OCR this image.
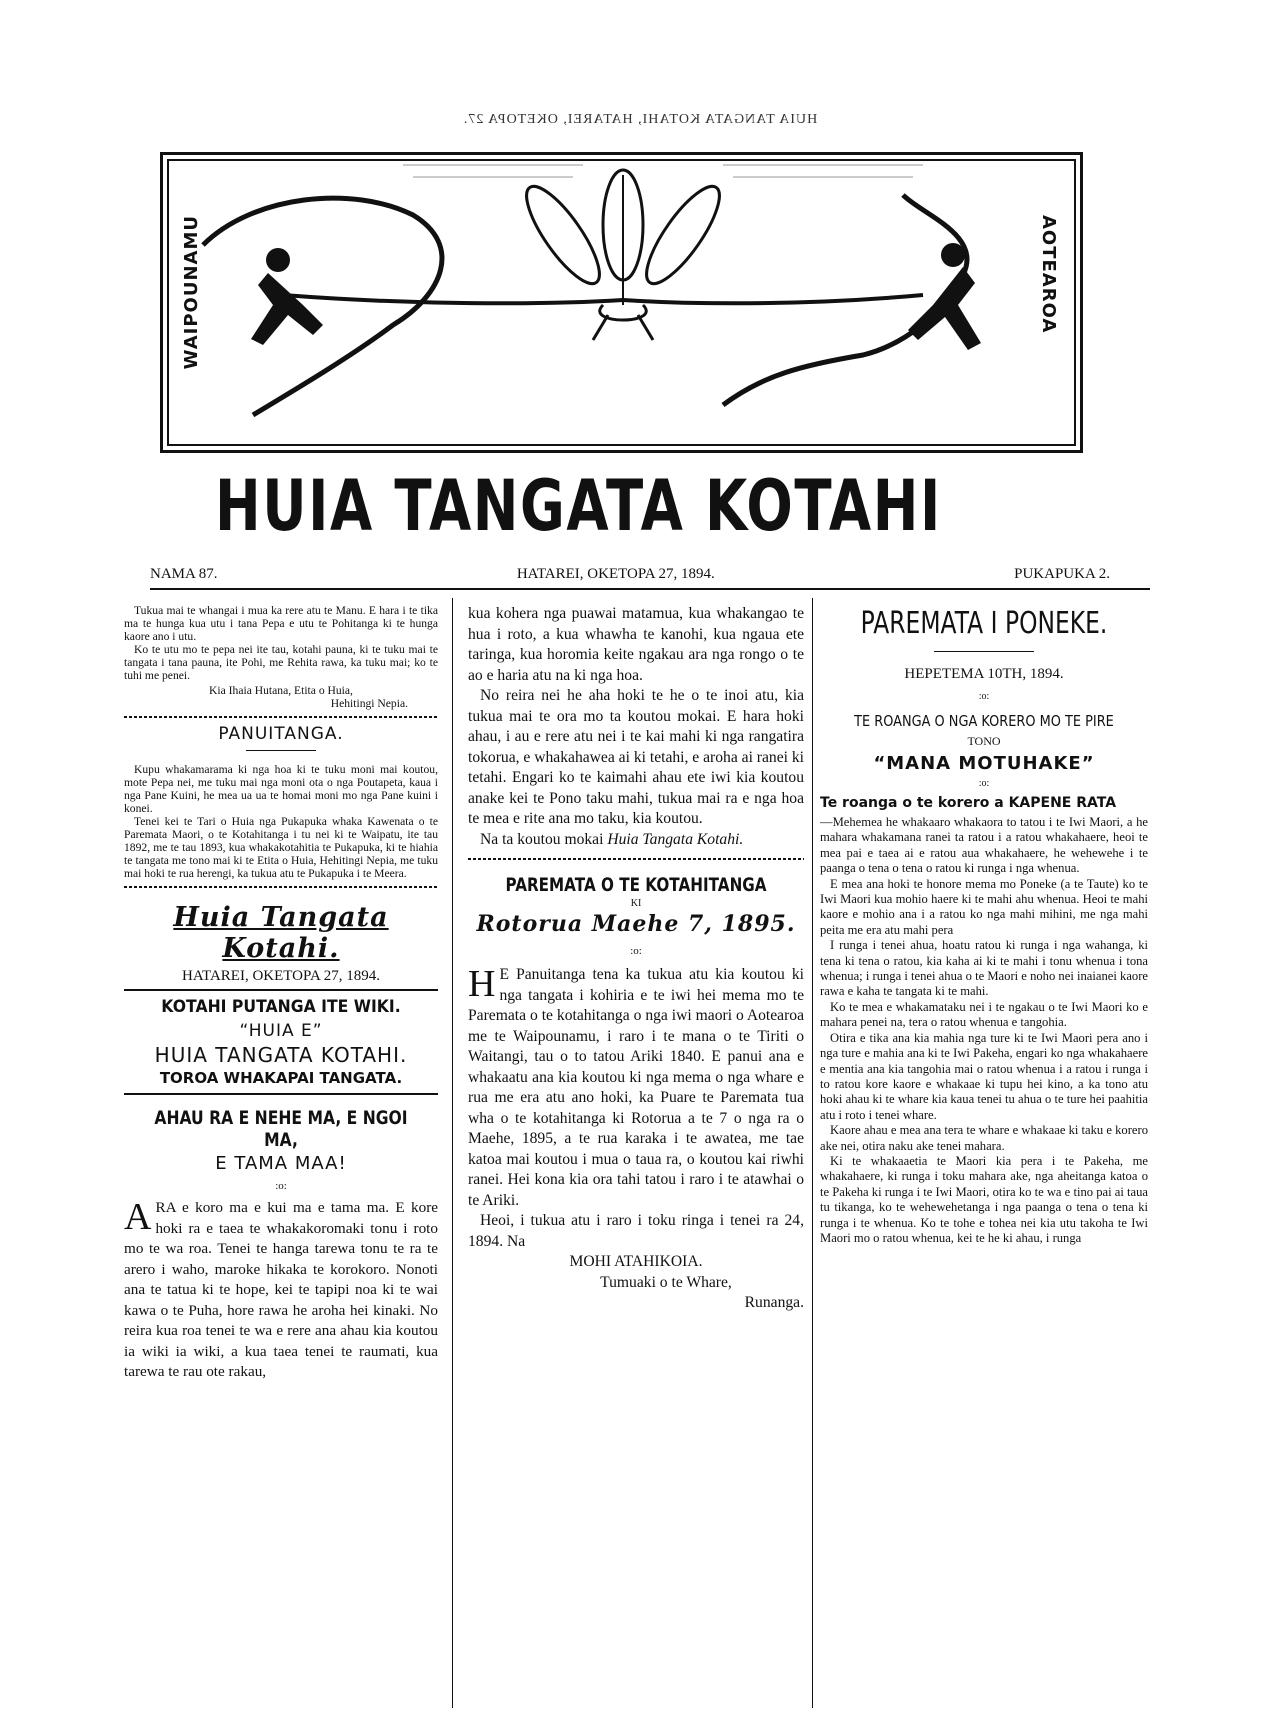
HUIA TANGATA KOTAHI, HATAREI, OKETOPA 27.
WAIPOUNAMU	AOTEAROA
HUIA TANGATA KOTAHI
NAMA 87.	HATAREI, OKETOPA 27, 1894.	PUKAPUKA 2.

Tukua mai te whangai i mua ka rere atu te Manu. E hara i te tika ma te hunga kua utu i tana Pepa e utu te Pohitanga ki te hunga kaore ano i utu.

Ko te utu mo te pepa nei ite tau, kotahi pauna, ki te tuku mai te tangata i tana pauna, ite Pohi, me Rehita rawa, ka tuku mai; ko te tuhi me penei.

Kia Ihaia Hutana, Etita o Huia,
Hehitingi Nepia.
PANUITANGA.

Kupu whakamarama ki nga hoa ki te tuku moni mai koutou, mote Pepa nei, me tuku mai nga moni ota o nga Poutapeta, kaua i nga Pane Kuini, he mea ua ua te homai moni mo nga Pane kuini i konei.

Tenei kei te Tari o Huia nga Pukapuka whaka Kawenata o te Paremata Maori, o te Kotahitanga i tu nei ki te Waipatu, ite tau 1892, me te tau 1893, kua whakakotahitia te Pukapuka, ki te hiahia te tangata me tono mai ki te Etita o Huia, Hehitingi Nepia, me tuku mai hoki te rua herengi, ka tukua atu te Pukapuka i te Meera.

Huia Tangata Kotahi.
HATAREI, OKETOPA 27, 1894.
KOTAHI PUTANGA ITE WIKI.
“HUIA E”
HUIA TANGATA KOTAHI.
TOROA WHAKAPAI TANGATA.
AHAU RA E NEHE MA, E NGOI MA,
E TAMA MAA!
:o:
A RA e koro ma e kui ma e tama ma. E kore hoki ra e taea te whakakoromaki tonu i roto mo te wa roa. Tenei te hanga tarewa tonu te ra te arero i waho, maroke hikaka te korokoro. Nonoti ana te tatua ki te hope, kei te tapipi noa ki te wai kawa o te Puha, hore rawa he aroha hei kinaki. No reira kua roa tenei te wa e rere ana ahau kia koutou ia wiki ia wiki, a kua taea tenei te raumati, kua tarewa te rau ote rakau,
kua kohera nga puawai matamua, kua whakangao te hua i roto, a kua whawha te kanohi, kua ngaua ete taringa, kua horomia keite ngakau ara nga rongo o te ao e haria atu na ki nga hoa.

No reira nei he aha hoki te he o te inoi atu, kia tukua mai te ora mo ta koutou mokai. E hara hoki ahau, i au e rere atu nei i te kai mahi ki nga rangatira tokorua, e whakahawea ai ki tetahi, e aroha ai ranei ki tetahi. Engari ko te kaimahi ahau ete iwi kia koutou anake kei te Pono taku mahi, tukua mai ra e nga hoa te mea e rite ana mo taku, kia koutou.

Na ta koutou mokai Huia Tangata Kotahi.

PAREMATA O TE KOTAHITANGA
KI
Rotorua Maehe 7, 1895.
:o:
H E Panuitanga tena ka tukua atu kia koutou ki nga tangata i kohiria e te iwi hei mema mo te Paremata o te kotahitanga o nga iwi maori o Aotearoa me te Waipounamu, i raro i te mana o te Tiriti o Waitangi, tau o to tatou Ariki 1840. E panui ana e whakaatu ana kia koutou ki nga mema o nga whare e rua me era atu ano hoki, ka Puare te Paremata tua wha o te kotahitanga ki Rotorua a te 7 o nga ra o Maehe, 1895, a te rua karaka i te awatea, me tae katoa mai koutou i mua o taua ra, o koutou kai riwhi ranei. Hei kona kia ora tahi tatou i raro i te atawhai o te Ariki.

Heoi, i tukua atu i raro i toku ringa i tenei ra 24, 1894. Na

MOHI ATAHIKOIA.
Tumuaki o te Whare,
Runanga.
PAREMATA I PONEKE.
HEPETEMA 10TH, 1894.
:o:
TE ROANGA O NGA KORERO MO TE PIRE
TONO
“MANA MOTUHAKE”
:o:
Te roanga o te korero a KAPENE RATA
—Mehemea he whakaaro whakaora to tatou i te Iwi Maori, a he mahara whakamana ranei ta ratou i a ratou whakahaere, heoi te mea pai e taea ai e ratou aua whakahaere, he wehewehe i te paanga o tena o tena o ratou ki runga i nga whenua.

E mea ana hoki te honore mema mo Poneke (a te Taute) ko te Iwi Maori kua mohio haere ki te mahi ahu whenua. Heoi te mahi kaore e mohio ana i a ratou ko nga mahi mihini, me nga mahi peita me era atu mahi pera

I runga i tenei ahua, hoatu ratou ki runga i nga wahanga, ki tena ki tena o ratou, kia kaha ai ki te mahi i tonu whenua i tona whenua; i runga i tenei ahua o te Maori e noho nei inaianei kaore rawa e kaha te tangata ki te mahi.

Ko te mea e whakamataku nei i te ngakau o te Iwi Maori ko e mahara penei na, tera o ratou whenua e tangohia.

Otira e tika ana kia mahia nga ture ki te Iwi Maori pera ano i nga ture e mahia ana ki te Iwi Pakeha, engari ko nga whakahaere e mentia ana kia tangohia mai o ratou whenua i a ratou i runga i to ratou kore kaore e whakaae ki tupu hei kino, a ka tono atu hoki ahau ki te whare kia kaua tenei tu ahua o te ture hei paahitia atu i roto i tenei whare.

Kaore ahau e mea ana tera te whare e whakaae ki taku e korero ake nei, otira naku ake tenei mahara.

Ki te whakaaetia te Maori kia pera i te Pakeha, me whakahaere, ki runga i toku mahara ake, nga aheitanga katoa o te Pakeha ki runga i te Iwi Maori, otira ko te wa e tino pai ai taua tu tikanga, ko te wehewehetanga i nga paanga o tena o tena ki runga i te whenua. Ko te tohe e tohea nei kia utu takoha te Iwi Maori mo o ratou whenua, kei te he ki ahau, i runga
